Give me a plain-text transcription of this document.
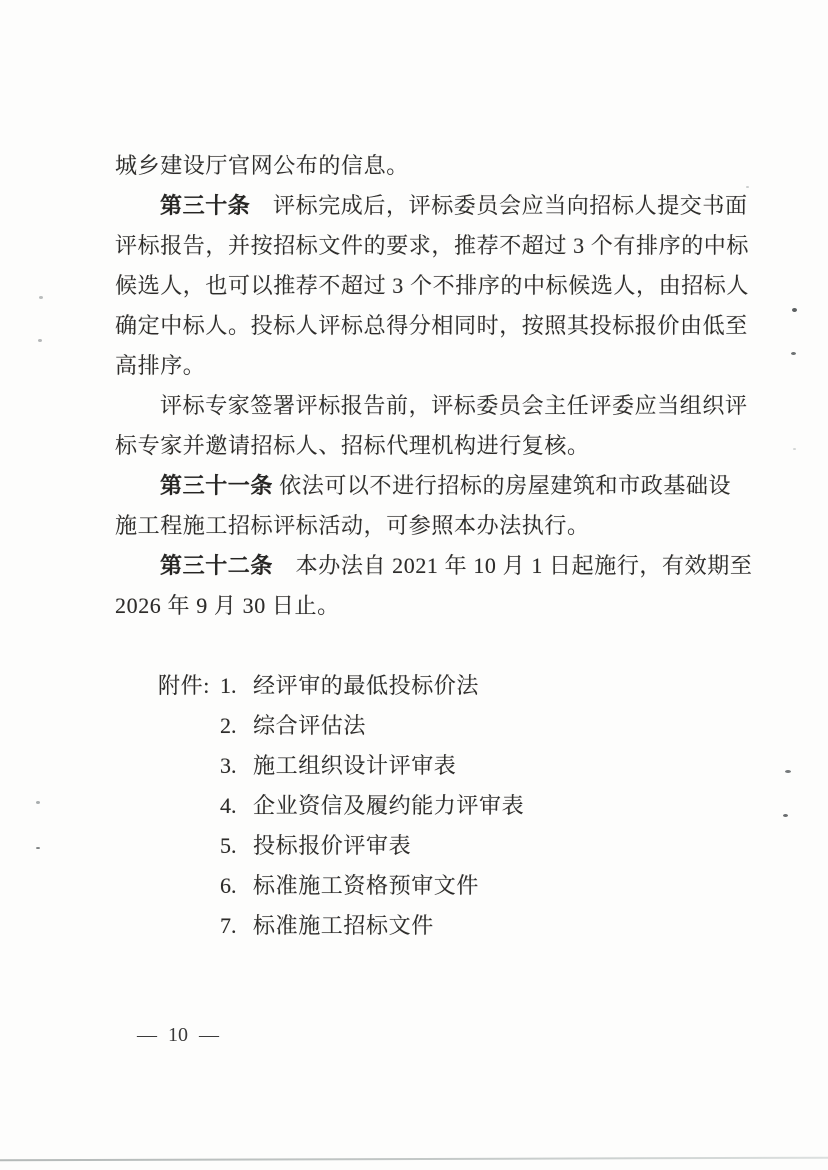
城乡建设厅官网公布的信息。
第三十条　评标完成后，评标委员会应当向招标人提交书面
评标报告，并按招标文件的要求，推荐不超过 3 个有排序的中标
候选人，也可以推荐不超过 3 个不排序的中标候选人，由招标人
确定中标人。投标人评标总得分相同时，按照其投标报价由低至
高排序。
评标专家签署评标报告前，评标委员会主任评委应当组织评
标专家并邀请招标人、招标代理机构进行复核。
第三十一条 依法可以不进行招标的房屋建筑和市政基础设
施工程施工招标评标活动，可参照本办法执行。
第三十二条　本办法自 2021 年 10 月 1 日起施行，有效期至
2026 年 9 月 30 日止。
附件: 1. 经评审的最低投标价法
2. 综合评估法
3. 施工组织设计评审表
4. 企业资信及履约能力评审表
5. 投标报价评审表
6. 标准施工资格预审文件
7. 标准施工招标文件
— 10 —
